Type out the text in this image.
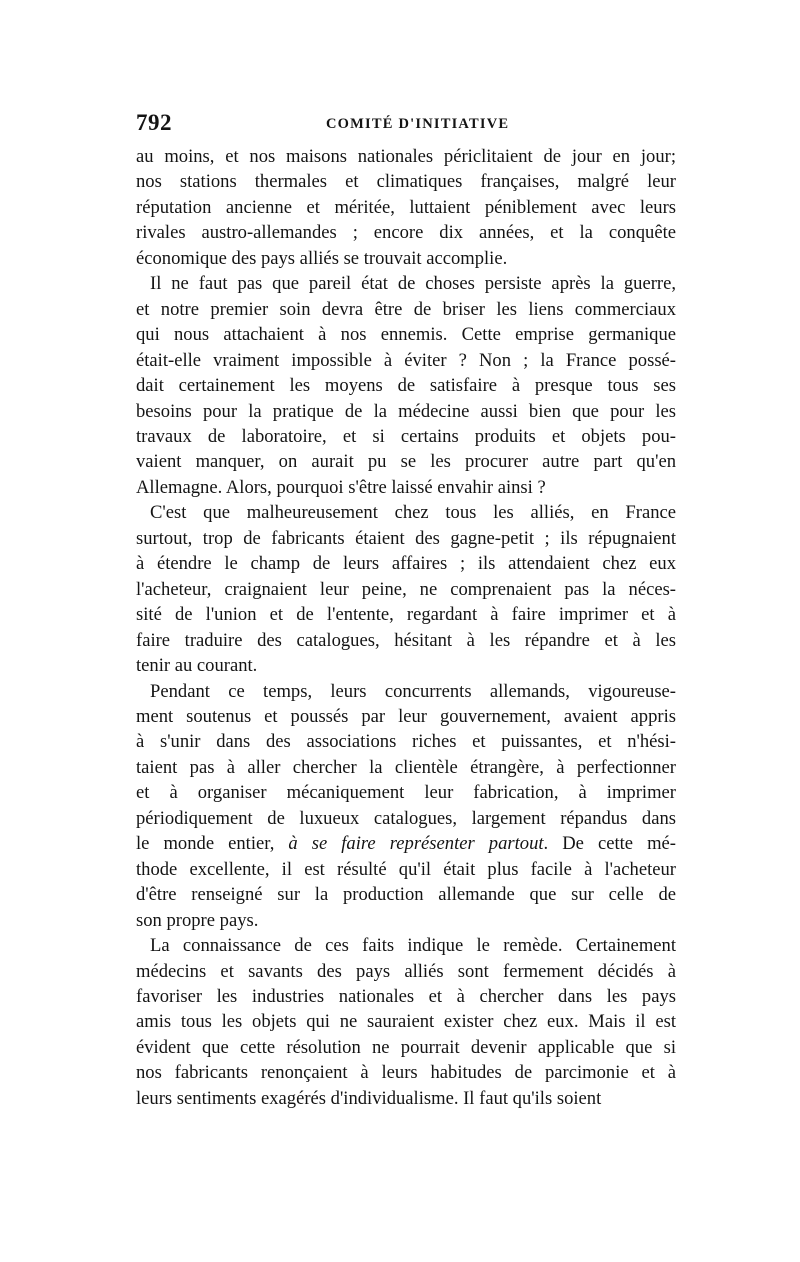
792	COMITÉ D'INITIATIVE

au moins, et nos maisons nationales périclitaient de jour en jour;
nos stations thermales et climatiques françaises, malgré leur
réputation ancienne et méritée, luttaient péniblement avec leurs
rivales austro-allemandes ; encore dix années, et la conquête
économique des pays alliés se trouvait accomplie.

Il ne faut pas que pareil état de choses persiste après la guerre,
et notre premier soin devra être de briser les liens commerciaux
qui nous attachaient à nos ennemis. Cette emprise germanique
était-elle vraiment impossible à éviter ? Non ; la France possé-
dait certainement les moyens de satisfaire à presque tous ses
besoins pour la pratique de la médecine aussi bien que pour les
travaux de laboratoire, et si certains produits et objets pou-
vaient manquer, on aurait pu se les procurer autre part qu'en
Allemagne. Alors, pourquoi s'être laissé envahir ainsi ?

C'est que malheureusement chez tous les alliés, en France
surtout, trop de fabricants étaient des gagne-petit ; ils répugnaient
à étendre le champ de leurs affaires ; ils attendaient chez eux
l'acheteur, craignaient leur peine, ne comprenaient pas la néces-
sité de l'union et de l'entente, regardant à faire imprimer et à
faire traduire des catalogues, hésitant à les répandre et à les
tenir au courant.

Pendant ce temps, leurs concurrents allemands, vigoureuse-
ment soutenus et poussés par leur gouvernement, avaient appris
à s'unir dans des associations riches et puissantes, et n'hési-
taient pas à aller chercher la clientèle étrangère, à perfectionner
et à organiser mécaniquement leur fabrication, à imprimer
périodiquement de luxueux catalogues, largement répandus dans
le monde entier, à se faire représenter partout. De cette mé-
thode excellente, il est résulté qu'il était plus facile à l'acheteur
d'être renseigné sur la production allemande que sur celle de
son propre pays.

La connaissance de ces faits indique le remède. Certainement
médecins et savants des pays alliés sont fermement décidés à
favoriser les industries nationales et à chercher dans les pays
amis tous les objets qui ne sauraient exister chez eux. Mais il est
évident que cette résolution ne pourrait devenir applicable que si
nos fabricants renonçaient à leurs habitudes de parcimonie et à
leurs sentiments exagérés d'individualisme. Il faut qu'ils soient
